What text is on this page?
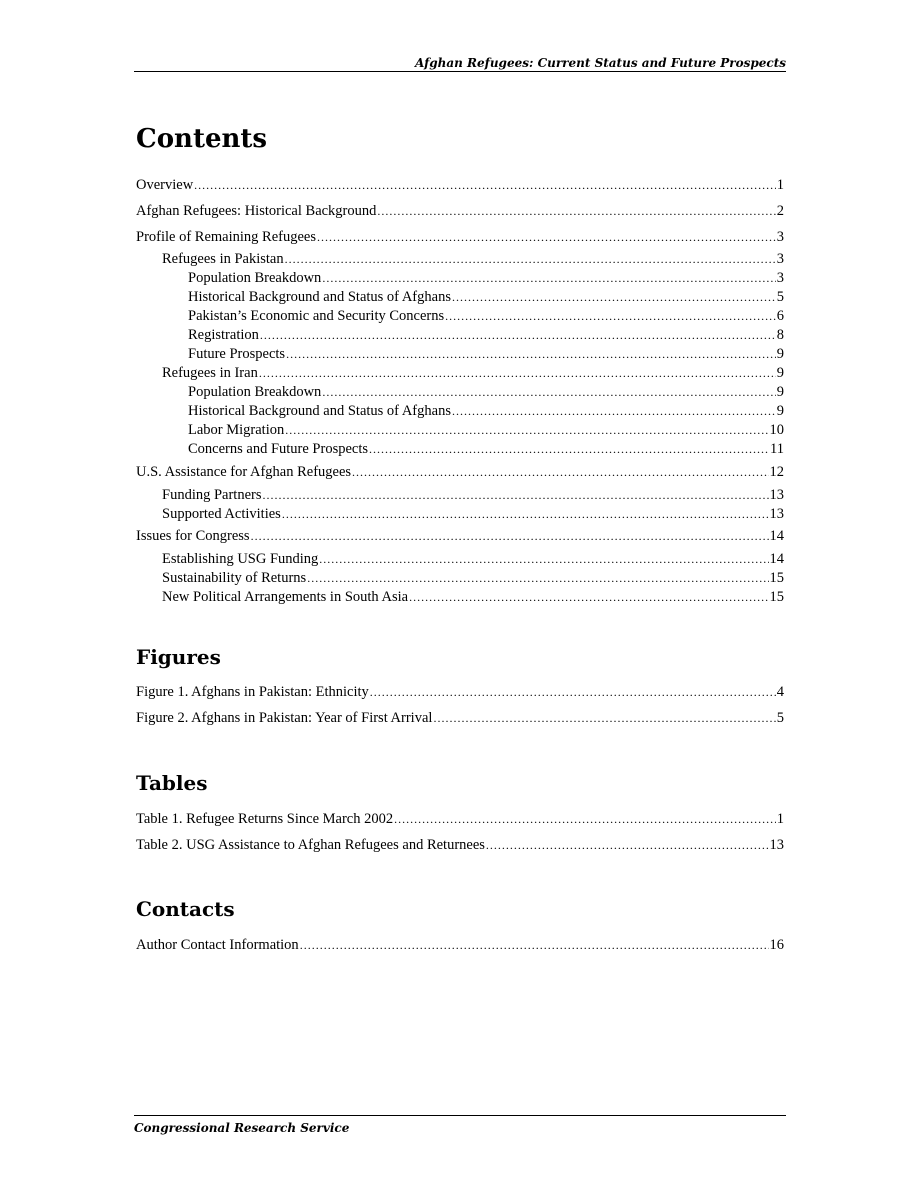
Afghan Refugees: Current Status and Future Prospects
Contents
Overview .....	1
Afghan Refugees: Historical Background .....	2
Profile of Remaining Refugees .....	3
Refugees in Pakistan .....	3
Population Breakdown .....	3
Historical Background and Status of Afghans .....	5
Pakistan’s Economic and Security Concerns .....	6
Registration .....	8
Future Prospects .....	9
Refugees in Iran .....	9
Population Breakdown .....	9
Historical Background and Status of Afghans .....	9
Labor Migration .....	10
Concerns and Future Prospects .....	11
U.S. Assistance for Afghan Refugees .....	12
Funding Partners .....	13
Supported Activities .....	13
Issues for Congress .....	14
Establishing USG Funding .....	14
Sustainability of Returns .....	15
New Political Arrangements in South Asia .....	15
Figures
Figure 1. Afghans in Pakistan: Ethnicity .....	4
Figure 2. Afghans in Pakistan: Year of First Arrival .....	5
Tables
Table 1. Refugee Returns Since March 2002 .....	1
Table 2. USG Assistance to Afghan Refugees and Returnees .....	13
Contacts
Author Contact Information .....	16
Congressional Research Service
